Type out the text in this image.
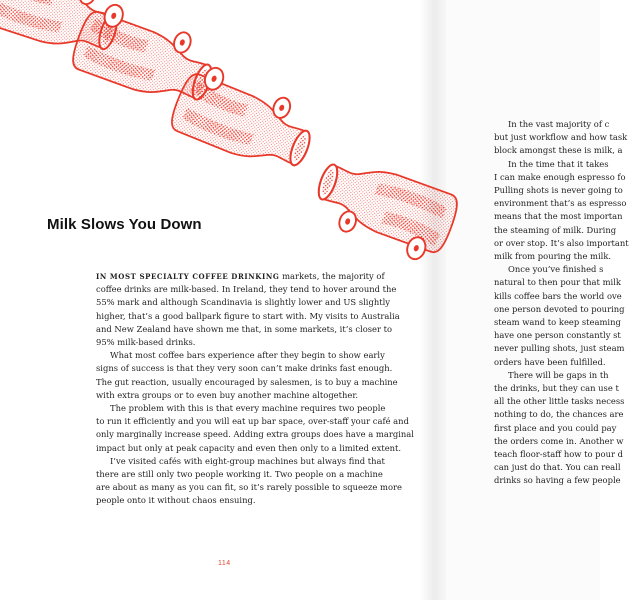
Milk Slows You Down
IN MOST SPECIALTY COFFEE DRINKING markets, the majority of
coffee drinks are milk-based. In Ireland, they tend to hover around the
55% mark and although Scandinavia is slightly lower and US slightly
higher, that’s a good ballpark figure to start with. My visits to Australia
and New Zealand have shown me that, in some markets, it’s closer to
95% milk-based drinks.
What most coffee bars experience after they begin to show early
signs of success is that they very soon can’t make drinks fast enough.
The gut reaction, usually encouraged by salesmen, is to buy a machine
with extra groups or to even buy another machine altogether.
The problem with this is that every machine requires two people
to run it efficiently and you will eat up bar space, over-staff your café and
only marginally increase speed. Adding extra groups does have a marginal
impact but only at peak capacity and even then only to a limited extent.
I’ve visited cafés with eight-group machines but always find that
there are still only two people working it. Two people on a machine
are about as many as you can fit, so it’s rarely possible to squeeze more
people onto it without chaos ensuing.
In the vast majority of c
but just workflow and how task
block amongst these is milk, a
In the time that it takes
I can make enough espresso fo
Pulling shots is never going to
environment that’s as espresso
means that the most importan
the steaming of milk. During
or over stop. It’s also important
milk from pouring the milk.
Once you’ve finished s
natural to then pour that milk
kills coffee bars the world ove
one person devoted to pouring
steam wand to keep steaming
have one person constantly st
never pulling shots, just steam
orders have been fulfilled.
There will be gaps in th
the drinks, but they can use t
all the other little tasks necess
nothing to do, the chances are
first place and you could pay
the orders come in. Another w
teach floor-staff how to pour d
can just do that. You can reall
drinks so having a few people

114
